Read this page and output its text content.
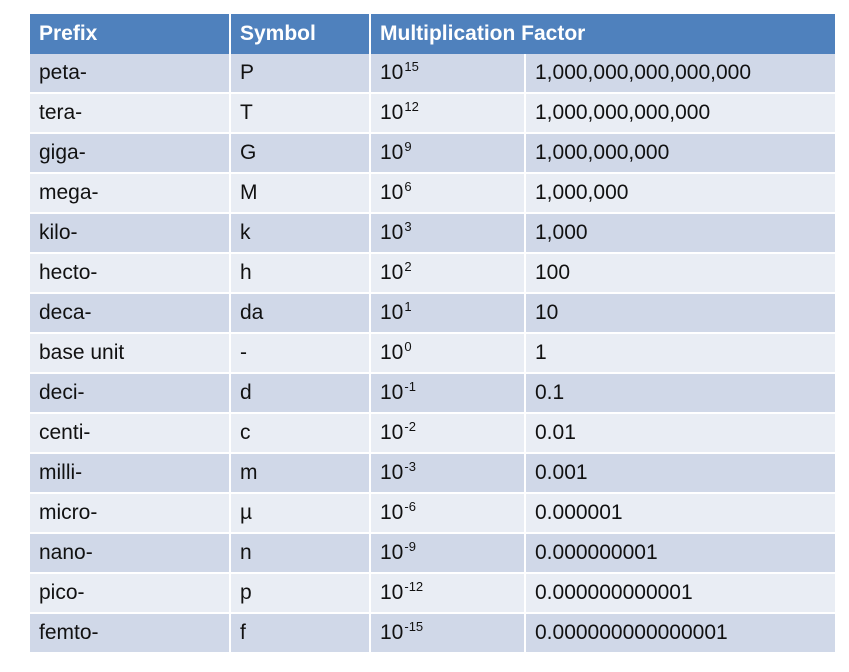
Prefix	Symbol	Multiplication Factor	
peta-	P	$10^{15}$	1,000,000,000,000,000
tera-	T	$10^{12}$	1,000,000,000,000
giga-	G	$10^9$	1,000,000,000
mega-	M	$10^6$	1,000,000
kilo-	k	$10^3$	1,000
hecto-	h	$10^2$	100
deca-	da	$10^1$	10
base unit	-	$10^0$	1
deci-	d	$10^{-1}$	0.1
centi-	c	$10^{-2}$	0.01
milli-	m	$10^{-3}$	0.001
micro-	µ	$10^{-6}$	0.000001
nano-	n	$10^{-9}$	0.000000001
pico-	p	$10^{-12}$	0.000000000001
femto-	f	$10^{-15}$	0.000000000000001
